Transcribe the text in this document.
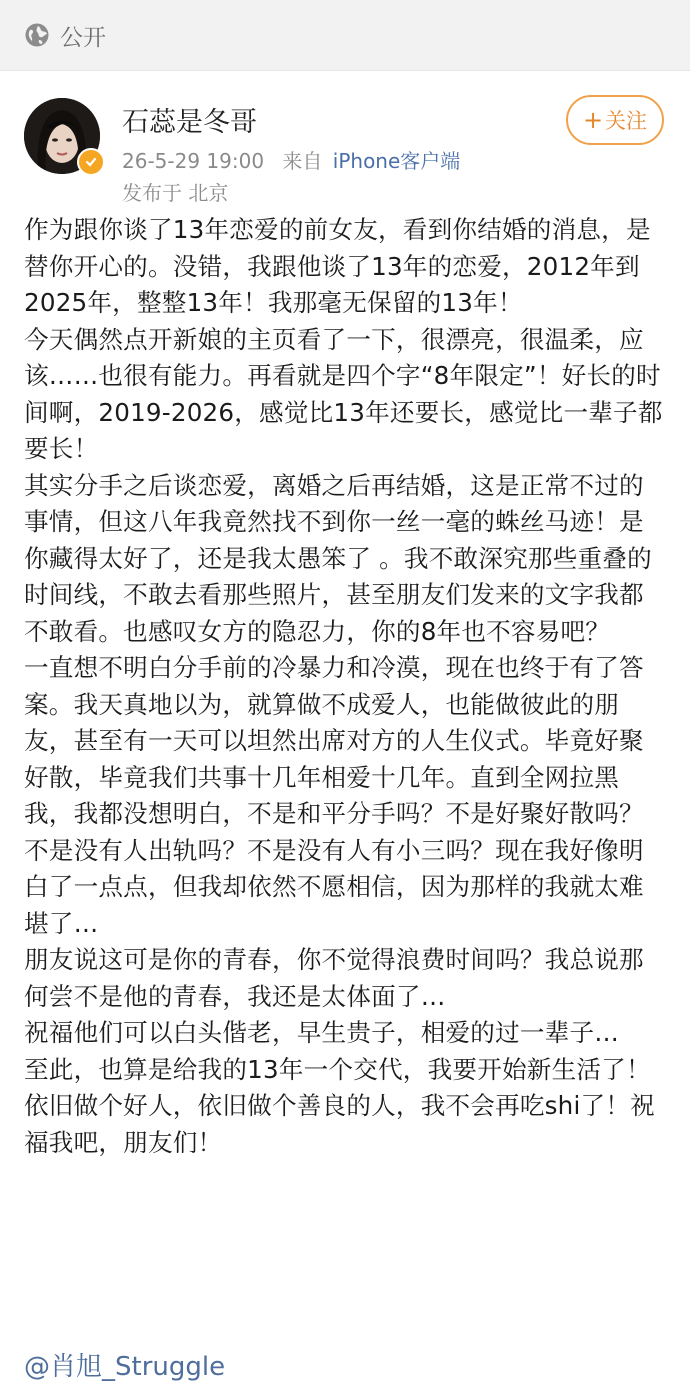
公开
石蕊是冬哥
26-5-29 19:00 来自 iPhone客户端
发布于 北京
+ 关注

作为跟你谈了13年恋爱的前女友，看到你结婚的消息，是替你开心的。没错，我跟他谈了13年的恋爱，2012年到2025年，整整13年！我那毫无保留的13年！

今天偶然点开新娘的主页看了一下，很漂亮，很温柔，应该……也很有能力。再看就是四个字“8年限定”！好长的时间啊，2019-2026，感觉比13年还要长，感觉比一辈子都要长！

其实分手之后谈恋爱，离婚之后再结婚，这是正常不过的事情，但这八年我竟然找不到你一丝一毫的蛛丝马迹！是你藏得太好了，还是我太愚笨了 。我不敢深究那些重叠的时间线，不敢去看那些照片，甚至朋友们发来的文字我都不敢看。也感叹女方的隐忍力，你的8年也不容易吧？

一直想不明白分手前的冷暴力和冷漠，现在也终于有了答案。我天真地以为，就算做不成爱人，也能做彼此的朋友，甚至有一天可以坦然出席对方的人生仪式。毕竟好聚好散，毕竟我们共事十几年相爱十几年。直到全网拉黑我，我都没想明白，不是和平分手吗？不是好聚好散吗？不是没有人出轨吗？不是没有人有小三吗？现在我好像明白了一点点，但我却依然不愿相信，因为那样的我就太难堪了…

朋友说这可是你的青春，你不觉得浪费时间吗？我总说那何尝不是他的青春，我还是太体面了…

祝福他们可以白头偕老，早生贵子，相爱的过一辈子…

至此，也算是给我的13年一个交代，我要开始新生活了！依旧做个好人，依旧做个善良的人，我不会再吃shi了！祝福我吧，朋友们！

@肖旭_Struggle
